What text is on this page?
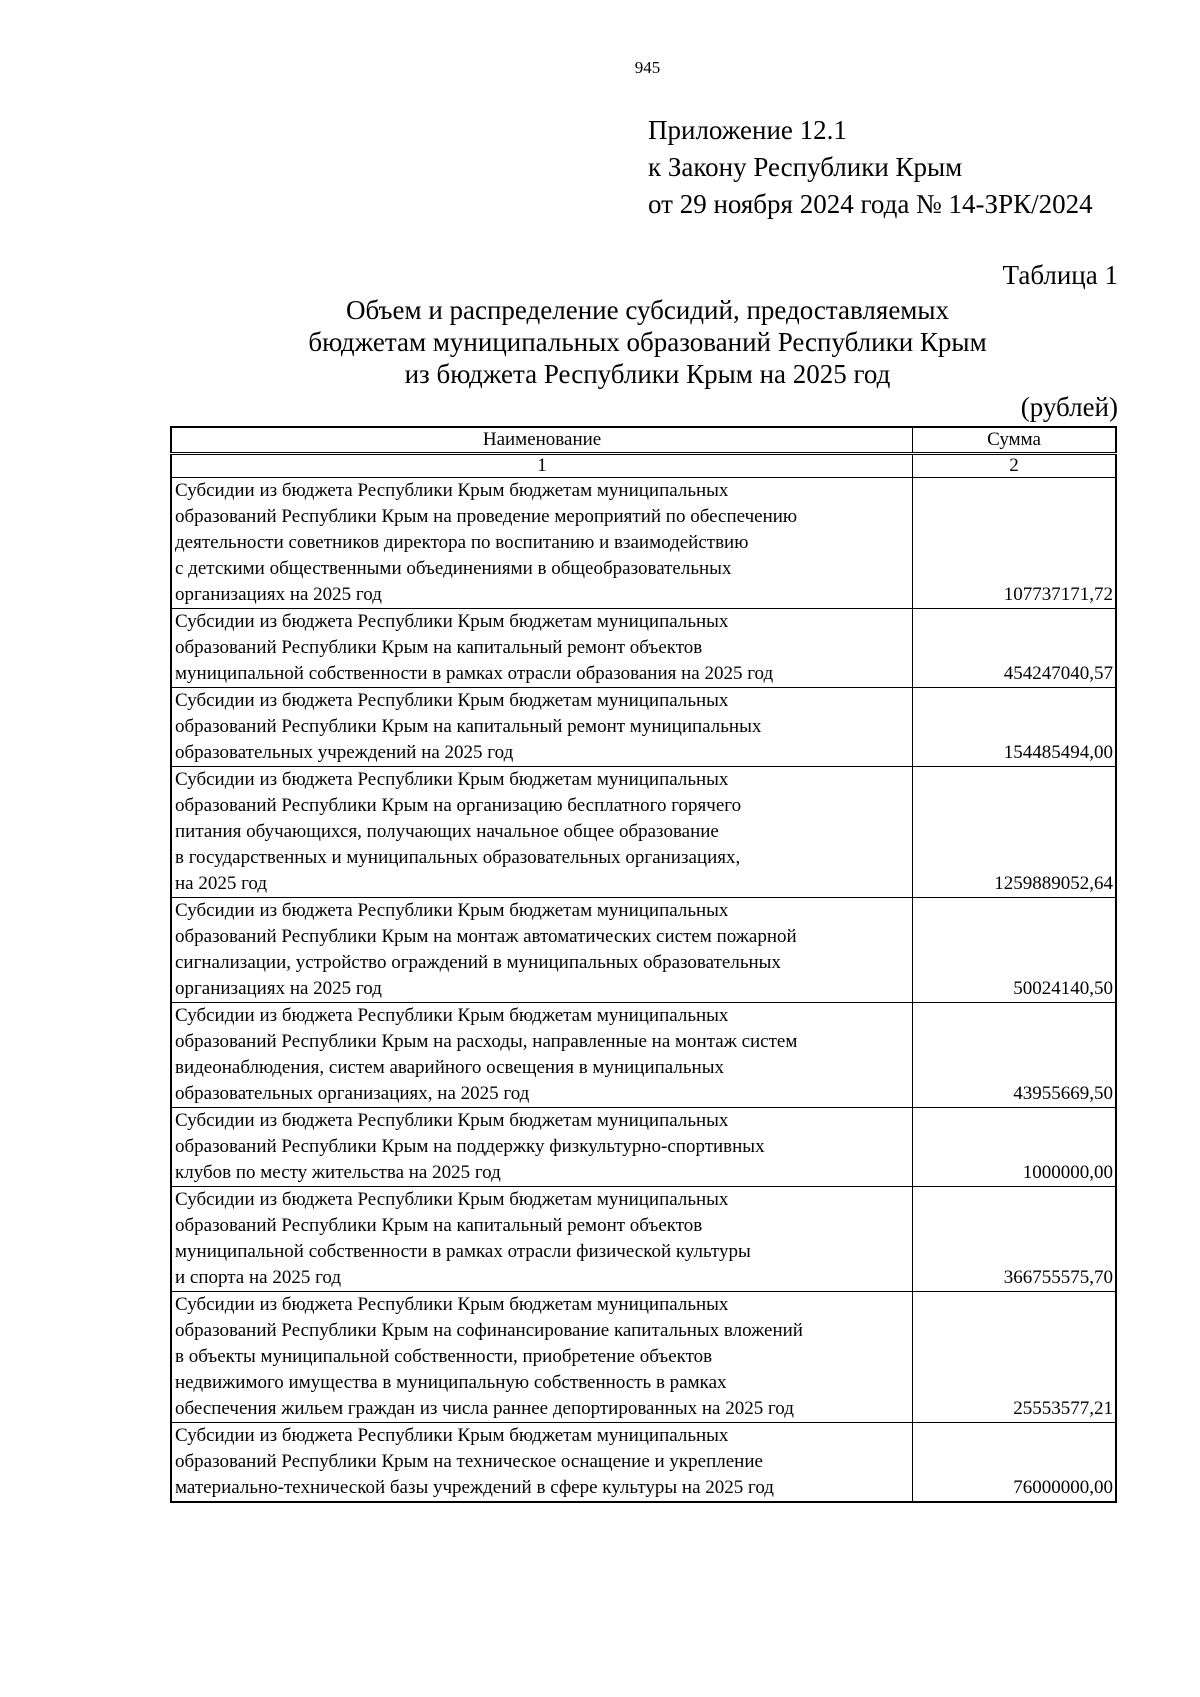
945
Приложение 12.1
к Закону Республики Крым
от 29 ноября 2024 года № 14-ЗРК/2024
Таблица 1
Объем и распределение субсидий, предоставляемых
бюджетам муниципальных образований Республики Крым
из бюджета Республики Крым на 2025 год
(рублей)
Наименование	Сумма
1	2

Субсидии из бюджета Республики Крым бюджетам муниципальных
образований Республики Крым на проведение мероприятий по обеспечению
деятельности советников директора по воспитанию и взаимодействию
с детскими общественными объединениями в общеобразовательных
организациях на 2025 год	107737171,72

Субсидии из бюджета Республики Крым бюджетам муниципальных
образований Республики Крым на капитальный ремонт объектов
муниципальной собственности в рамках отрасли образования на 2025 год	454247040,57

Субсидии из бюджета Республики Крым бюджетам муниципальных
образований Республики Крым на капитальный ремонт муниципальных
образовательных учреждений на 2025 год	154485494,00

Субсидии из бюджета Республики Крым бюджетам муниципальных
образований Республики Крым на организацию бесплатного горячего
питания обучающихся, получающих начальное общее образование
в государственных и муниципальных образовательных организациях,
на 2025 год	1259889052,64

Субсидии из бюджета Республики Крым бюджетам муниципальных
образований Республики Крым на монтаж автоматических систем пожарной
сигнализации, устройство ограждений в муниципальных образовательных
организациях на 2025 год	50024140,50

Субсидии из бюджета Республики Крым бюджетам муниципальных
образований Республики Крым на расходы, направленные на монтаж систем
видеонаблюдения, систем аварийного освещения в муниципальных
образовательных организациях, на 2025 год	43955669,50

Субсидии из бюджета Республики Крым бюджетам муниципальных
образований Республики Крым на поддержку физкультурно-спортивных
клубов по месту жительства на 2025 год	1000000,00

Субсидии из бюджета Республики Крым бюджетам муниципальных
образований Республики Крым на капитальный ремонт объектов
муниципальной собственности в рамках отрасли физической культуры
и спорта на 2025 год	366755575,70

Субсидии из бюджета Республики Крым бюджетам муниципальных
образований Республики Крым на софинансирование капитальных вложений
в объекты муниципальной собственности, приобретение объектов
недвижимого имущества в муниципальную собственность в рамках
обеспечения жильем граждан из числа раннее депортированных на 2025 год	25553577,21

Субсидии из бюджета Республики Крым бюджетам муниципальных
образований Республики Крым на техническое оснащение и укрепление
материально-технической базы учреждений в сфере культуры на 2025 год	76000000,00
